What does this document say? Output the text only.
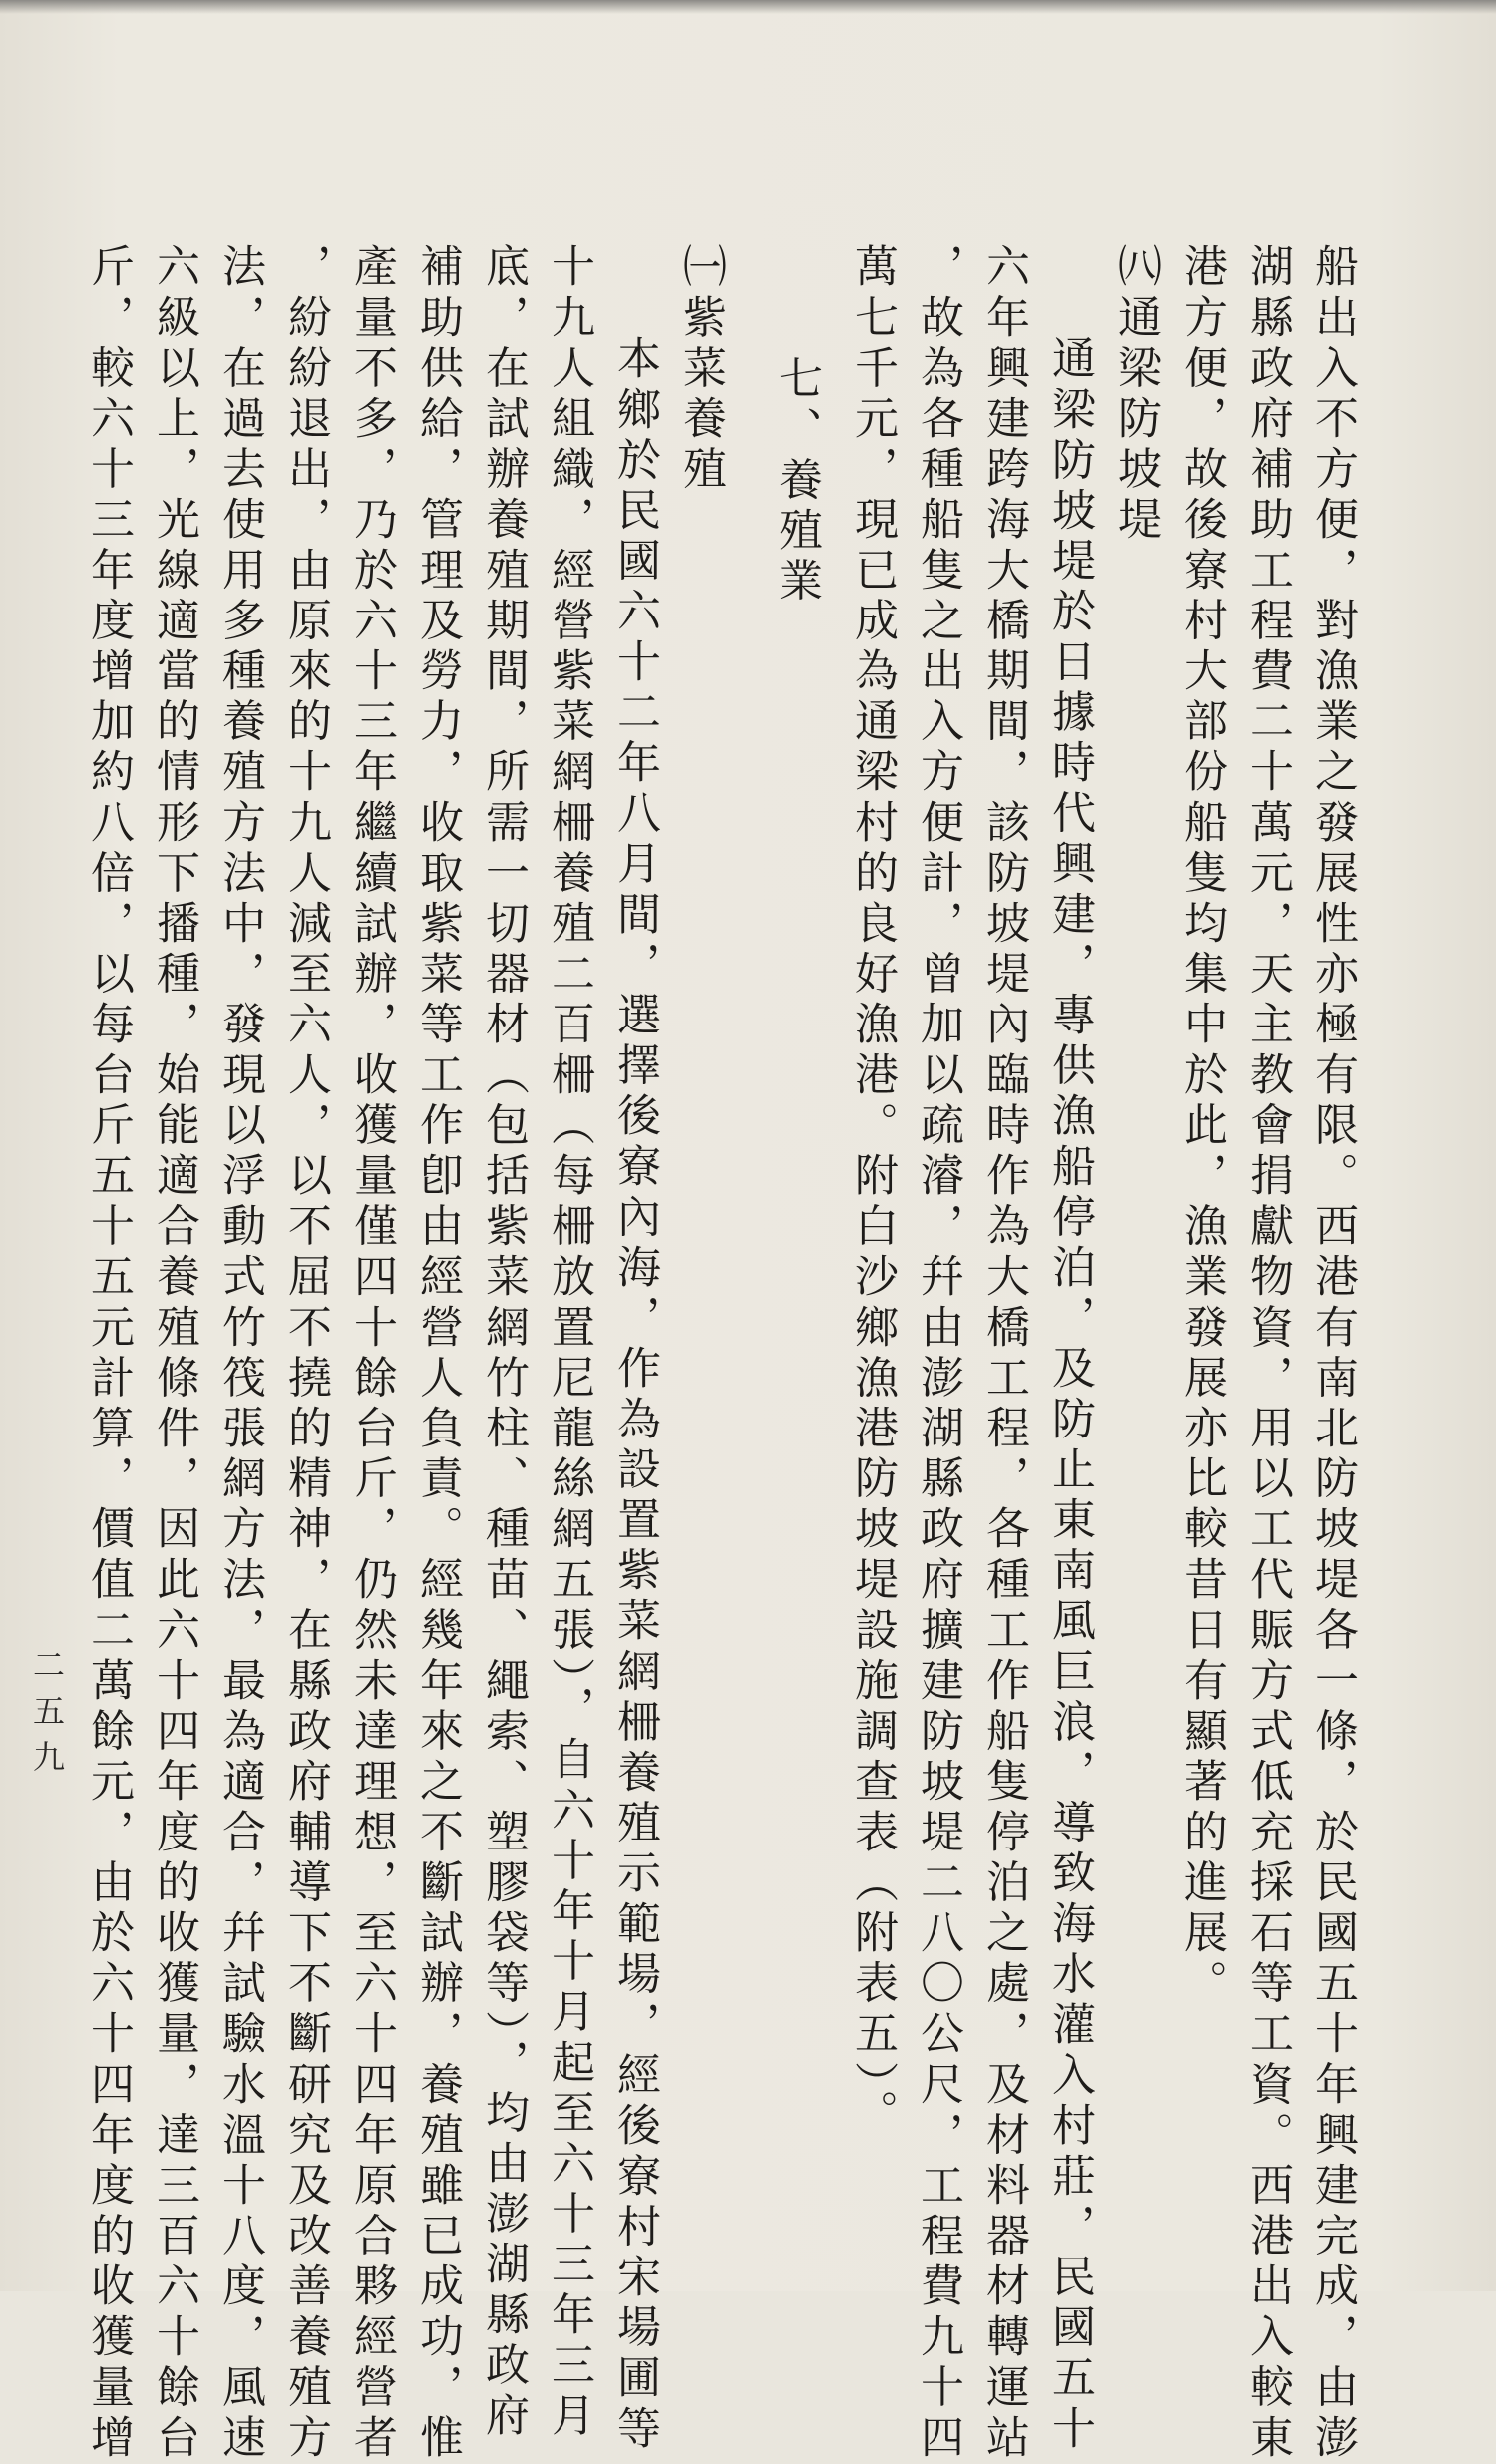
船出入不方便，對漁業之發展性亦極有限。西港有南北防坡堤各一條，於民國五十年興建完成，由澎
湖縣政府補助工程費二十萬元，天主教會捐獻物資，用以工代賑方式低充採石等工資。西港出入較東
港方便，故後寮村大部份船隻均集中於此，漁業發展亦比較昔日有顯著的進展。
㈧通梁防坡堤
通梁防坡堤於日據時代興建，專供漁船停泊，及防止東南風巨浪，導致海水灌入村莊，民國五十
六年興建跨海大橋期間，該防坡堤內臨時作為大橋工程，各種工作船隻停泊之處，及材料器材轉運站
，故為各種船隻之出入方便計，曾加以疏濬，幷由澎湖縣政府擴建防坡堤二八〇公尺，工程費九十四
萬七千元，現已成為通梁村的良好漁港。附白沙鄉漁港防坡堤設施調查表（附表五）。
七、養殖業
㈠紫菜養殖
本鄉於民國六十二年八月間，選擇後寮內海，作為設置紫菜網柵養殖示範場，經後寮村宋場圃等
十九人組織，經營紫菜網柵養殖二百柵（每柵放置尼龍絲網五張），自六十年十月起至六十三年三月
底，在試辦養殖期間，所需一切器材（包括紫菜網竹柱、種苗、繩索、塑膠袋等），均由澎湖縣政府
補助供給，管理及勞力，收取紫菜等工作卽由經營人負責。經幾年來之不斷試辦，養殖雖已成功，惟
產量不多，乃於六十三年繼續試辦，收獲量僅四十餘台斤，仍然未達理想，至六十四年原合夥經營者
，紛紛退出，由原來的十九人減至六人，以不屈不撓的精神，在縣政府輔導下不斷研究及改善養殖方
法，在過去使用多種養殖方法中，發現以浮動式竹筏張網方法，最為適合，幷試驗水溫十八度，風速
六級以上，光線適當的情形下播種，始能適合養殖條件，因此六十四年度的收獲量，達三百六十餘台
斤，較六十三年度增加約八倍，以每台斤五十五元計算，價值二萬餘元，由於六十四年度的收獲量增
二五九
